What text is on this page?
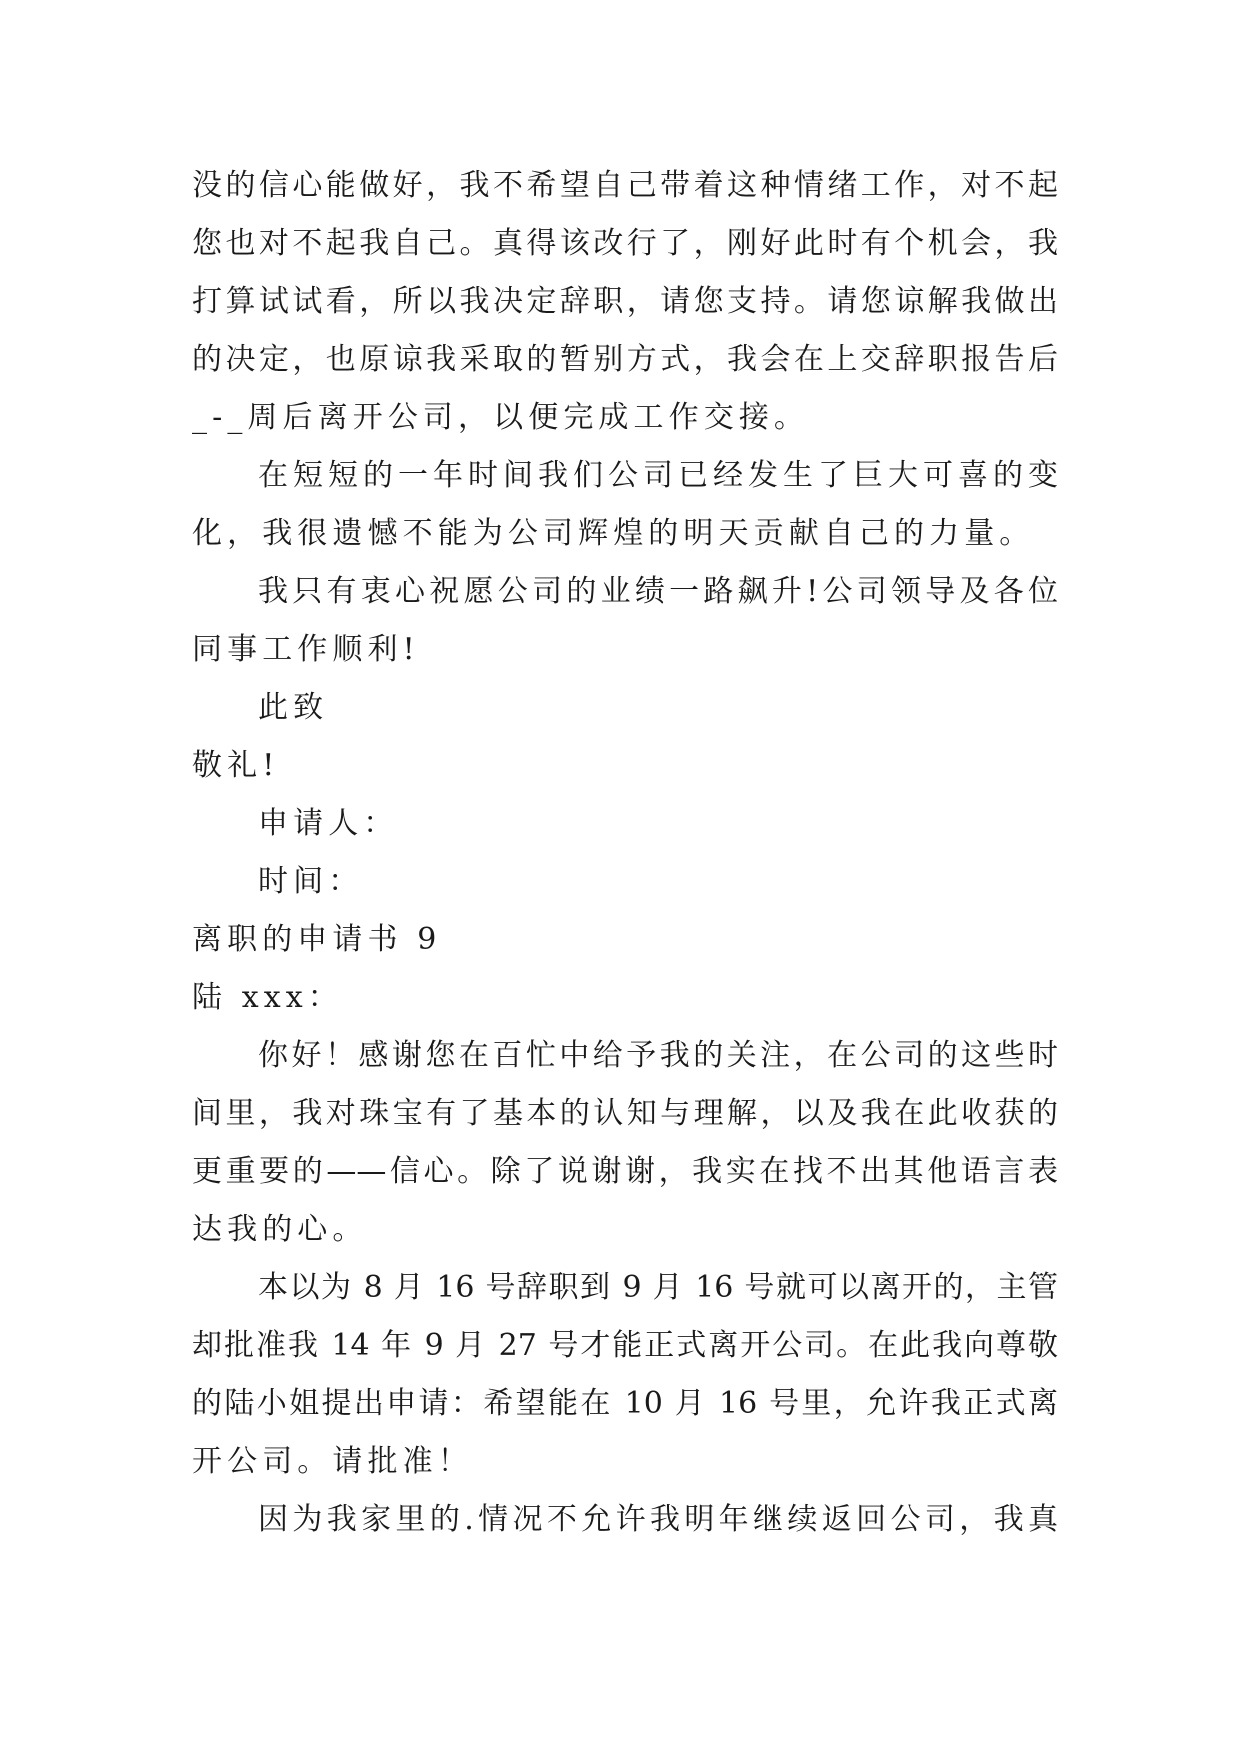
没的信心能做好，我不希望自己带着这种情绪工作，对不起
您也对不起我自己。真得该改行了，刚好此时有个机会，我
打算试试看，所以我决定辞职，请您支持。请您谅解我做出
的决定，也原谅我采取的暂别方式，我会在上交辞职报告后
_-_周后离开公司，以便完成工作交接。
在短短的一年时间我们公司已经发生了巨大可喜的变
化，我很遗憾不能为公司辉煌的明天贡献自己的力量。
我只有衷心祝愿公司的业绩一路飙升!公司领导及各位
同事工作顺利!
此致
敬礼!
申请人：
时间：
离职的申请书 9
陆 xxx：
你好！感谢您在百忙中给予我的关注，在公司的这些时
间里，我对珠宝有了基本的认知与理解，以及我在此收获的
更重要的——信心。除了说谢谢，我实在找不出其他语言表
达我的心。
本以为 8 月 16 号辞职到 9 月 16 号就可以离开的，主管
却批准我 14 年 9 月 27 号才能正式离开公司。在此我向尊敬
的陆小姐提出申请：希望能在 10 月 16 号里，允许我正式离
开公司。请批准！
因为我家里的.情况不允许我明年继续返回公司，我真
